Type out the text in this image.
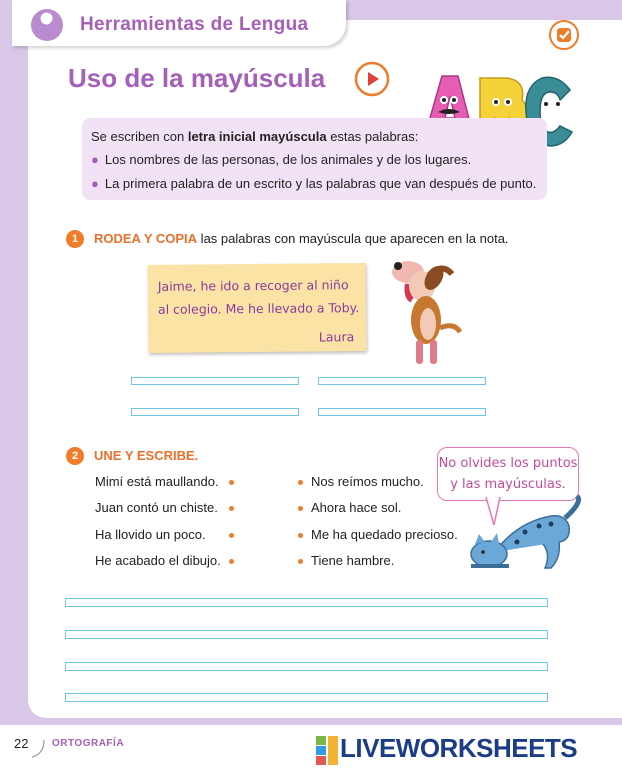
Herramientas de Lengua
Uso de la mayúscula
Se escriben con letra inicial mayúscula estas palabras:
● Los nombres de las personas, de los animales y de los lugares.
● La primera palabra de un escrito y las palabras que van después de punto.
1	RODEA Y COPIA las palabras con mayúscula que aparecen en la nota.
Jaime, he ido a recoger al niño
al colegio. Me he llevado a Toby.
Laura
2	UNE Y ESCRIBE.
Mimí está maullando.
Juan contó un chiste.
Ha llovido un poco.
He acabado el dibujo.
Nos reímos mucho.
Ahora hace sol.
Me ha quedado precioso.
Tiene hambre.
No olvides los puntos
y las mayúsculas.
22 ORTOGRAFÍA	LIVEWORKSHEETS
